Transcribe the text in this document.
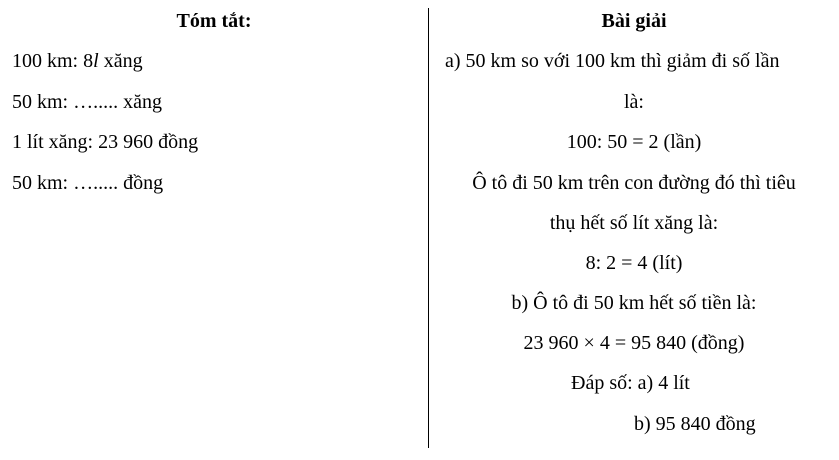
Tóm tắt:
100 km: 8l xăng
50 km: …..... xăng
1 lít xăng: 23 960 đồng
50 km: …..... đồng
Bài giải
a) 50 km so với 100 km thì giảm đi số lần
là:
100: 50 = 2 (lần)
Ô tô đi 50 km trên con đường đó thì tiêu
thụ hết số lít xăng là:
8: 2 = 4 (lít)
b) Ô tô đi 50 km hết số tiền là:
23 960 × 4 = 95 840 (đồng)
Đáp số: a) 4 lít
b) 95 840 đồng
